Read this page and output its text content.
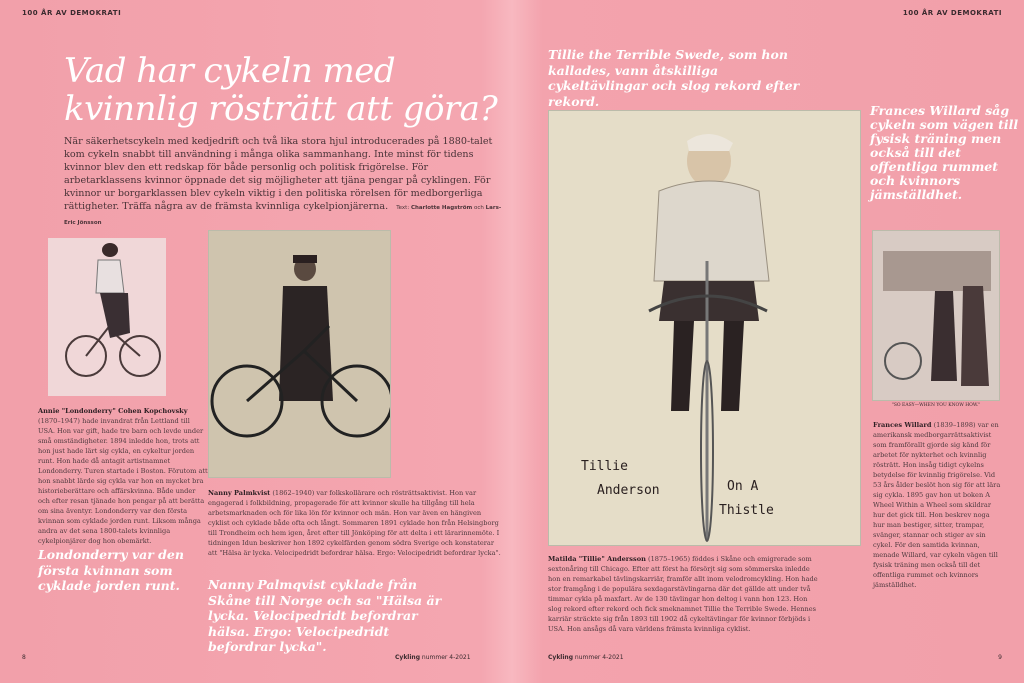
100 ÅR AV DEMOKRATI	100 ÅR AV DEMOKRATI
Vad har cykeln med kvinnlig rösträtt att göra?
När säkerhetscykeln med kedjedrift och två lika stora hjul introducerades på 1880-talet kom cykeln snabbt till användning i många olika sammanhang. Inte minst för tidens kvinnor blev den ett redskap för både personlig och politisk frigörelse. För arbetarklassens kvinnor öppnade det sig möjligheter att tjäna pengar på cyklingen. För kvinnor ur borgarklassen blev cykeln viktig i den politiska rörelsen för medborgerliga rättigheter. Träffa några av de främsta kvinnliga cykelpionjärerna. Text: Charlotte Hagström och Lars-Eric Jönsson
Annie "Londonderry" Cohen Kopchovsky (1870–1947) hade invandrat från Lettland till USA. Hon var gift, hade tre barn och levde under små omständigheter. 1894 inledde hon, trots att hon just hade lärt sig cykla, en cykeltur jorden runt. Hon hade då antagit artistnamnet Londonderry. Turen startade i Boston. Förutom att hon snabbt lärde sig cykla var hon en mycket bra historieberättare och affärskvinna. Både under och efter resan tjänade hon pengar på att berätta om sina äventyr. Londonderry var den första kvinnan som cyklade jorden runt. Liksom många andra av det sena 1800-talets kvinnliga cykelpionjärer dog hon obemärkt.
Londonderry var den första kvinnan som cyklade jorden runt.
Nanny Palmkvist (1862–1940) var folkskollärare och rösträttsaktivist. Hon var engagerad i folkbildning, propagerade för att kvinnor skulle ha tillgång till hela arbetsmarknaden och för lika lön för kvinnor och män. Hon var även en hängiven cyklist och cyklade både ofta och långt. Sommaren 1891 cyklade hon från Helsingborg till Trondheim och hem igen, året efter till Jönköping för att delta i ett lärarinnemöte. I tidningen Idun beskriver hon 1892 cykelfärden genom södra Sverige och konstaterar att "Hälsa är lycka. Velocipedridt befordrar hälsa. Ergo: Velocipedridt befordrar lycka".
Nanny Palmqvist cyklade från Skåne till Norge och sa "Hälsa är lycka. Velocipedridt befordrar hälsa. Ergo: Velocipedridt befordrar lycka".
Tillie the Terrible Swede, som hon kallades, vann åtskilliga cykeltävlingar och slog rekord efter rekord.
Tillie
Anderson	On A
Thistle
Frances Willard såg cykeln som vägen till fysisk träning men också till det offentliga rummet och kvinnors jämställdhet.
"SO EASY—WHEN YOU KNOW HOW."
Frances Willard (1839–1898) var en amerikansk medborgarrättsaktivist som framförallt gjorde sig känd för arbetet för nykterhet och kvinnlig rösträtt. Hon insåg tidigt cykelns betydelse för kvinnlig frigörelse. Vid 53 års ålder beslöt hon sig för att lära sig cykla. 1895 gav hon ut boken A Wheel Within a Wheel som skildrar hur det gick till. Hon beskrev noga hur man bestiger, sitter, trampar, svänger, stannar och stiger av sin cykel. För den samtida kvinnan, menade Willard, var cykeln vägen till fysisk träning men också till det offentliga rummet och kvinnors jämställdhet.
Matilda "Tillie" Andersson (1875–1965) föddes i Skåne och emigrerade som sextonåring till Chicago. Efter att först ha försörjt sig som sömmerska inledde hon en remarkabel tävlingskarriär, framför allt inom velodromcykling. Hon hade stor framgång i de populära sexdagarstävlingarna där det gällde att under två timmar cykla på maxfart. Av de 130 tävlingar hon deltog i vann hon 123. Hon slog rekord efter rekord och fick smeknamnet Tillie the Terrible Swede. Hennes karriär sträckte sig från 1893 till 1902 då cykeltävlingar för kvinnor förbjöds i USA. Hon ansågs då vara världens främsta kvinnliga cyklist.
8	Cykling nummer 4-2021	Cykling nummer 4-2021	9
